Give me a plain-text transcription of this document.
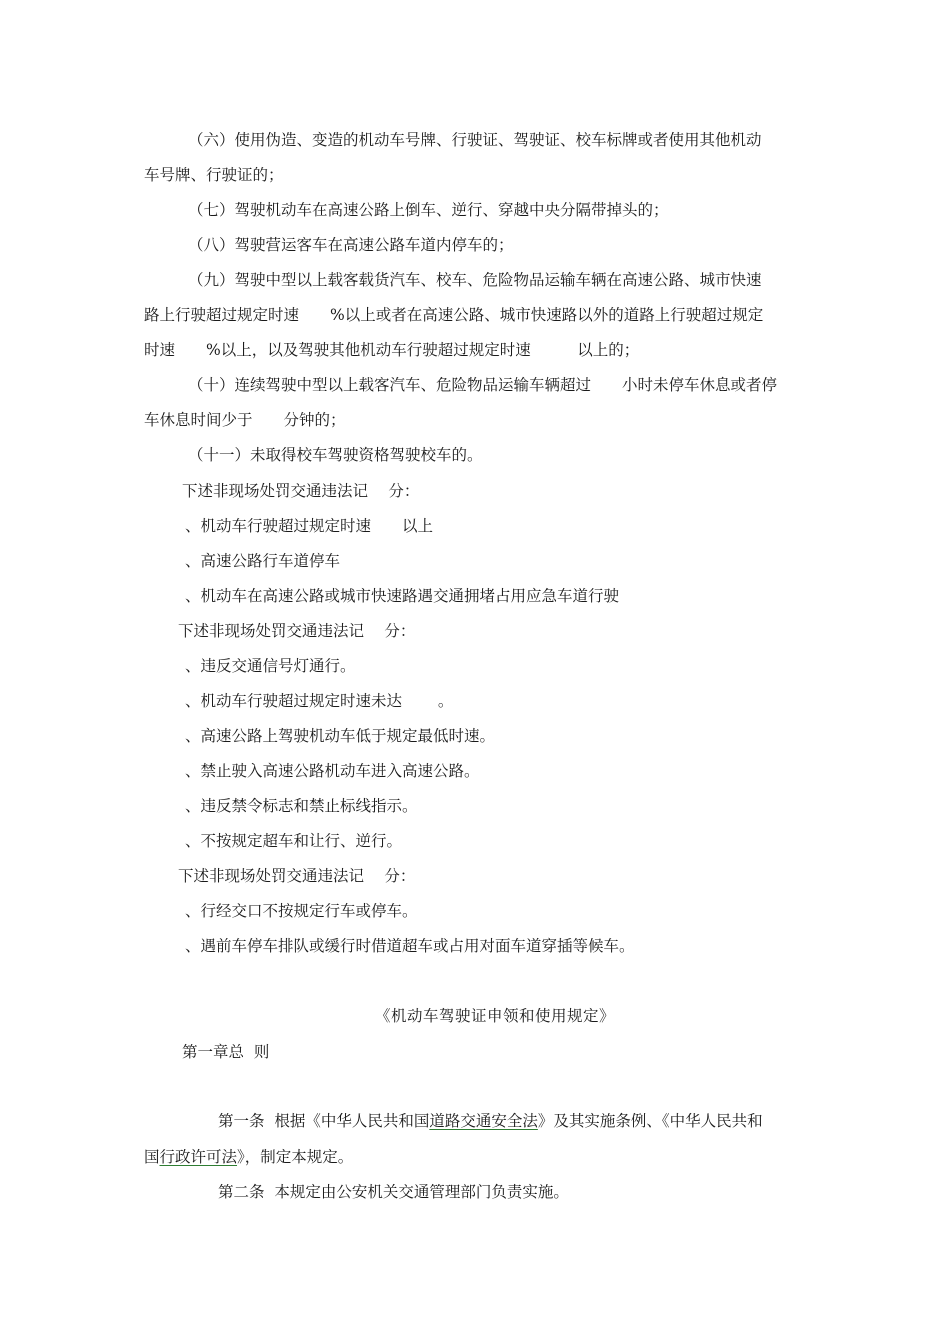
（六）使用伪造、变造的机动车号牌、行驶证、驾驶证、校车标牌或者使用其他机动

车号牌、行驶证的；

（七）驾驶机动车在高速公路上倒车、逆行、穿越中央分隔带掉头的；

（八）驾驶营运客车在高速公路车道内停车的；

（九）驾驶中型以上载客载货汽车、校车、危险物品运输车辆在高速公路、城市快速

路上行驶超过规定时速　　%以上或者在高速公路、城市快速路以外的道路上行驶超过规定

时速　　%以上，以及驾驶其他机动车行驶超过规定时速　　　以上的；

（十）连续驾驶中型以上载客汽车、危险物品运输车辆超过　　小时未停车休息或者停

车休息时间少于　　分钟的；

（十一）未取得校车驾驶资格驾驶校车的。

下述非现场处罚交通违法记　 分：

、机动车行驶超过规定时速　　以上

、高速公路行车道停车

、机动车在高速公路或城市快速路遇交通拥堵占用应急车道行驶

下述非现场处罚交通违法记　 分：

、违反交通信号灯通行。

、机动车行驶超过规定时速未达　　 。

、高速公路上驾驶机动车低于规定最低时速。

、禁止驶入高速公路机动车进入高速公路。

、违反禁令标志和禁止标线指示。

、不按规定超车和让行、逆行。

下述非现场处罚交通违法记　 分：

、行经交口不按规定行车或停车。

、遇前车停车排队或缓行时借道超车或占用对面车道穿插等候车。

《机动车驾驶证申领和使用规定》

第一章总  则

第一条  根据《中华人民共和国道路交通安全法》及其实施条例、《中华人民共和

国行政许可法》，制定本规定。

第二条  本规定由公安机关交通管理部门负责实施。
